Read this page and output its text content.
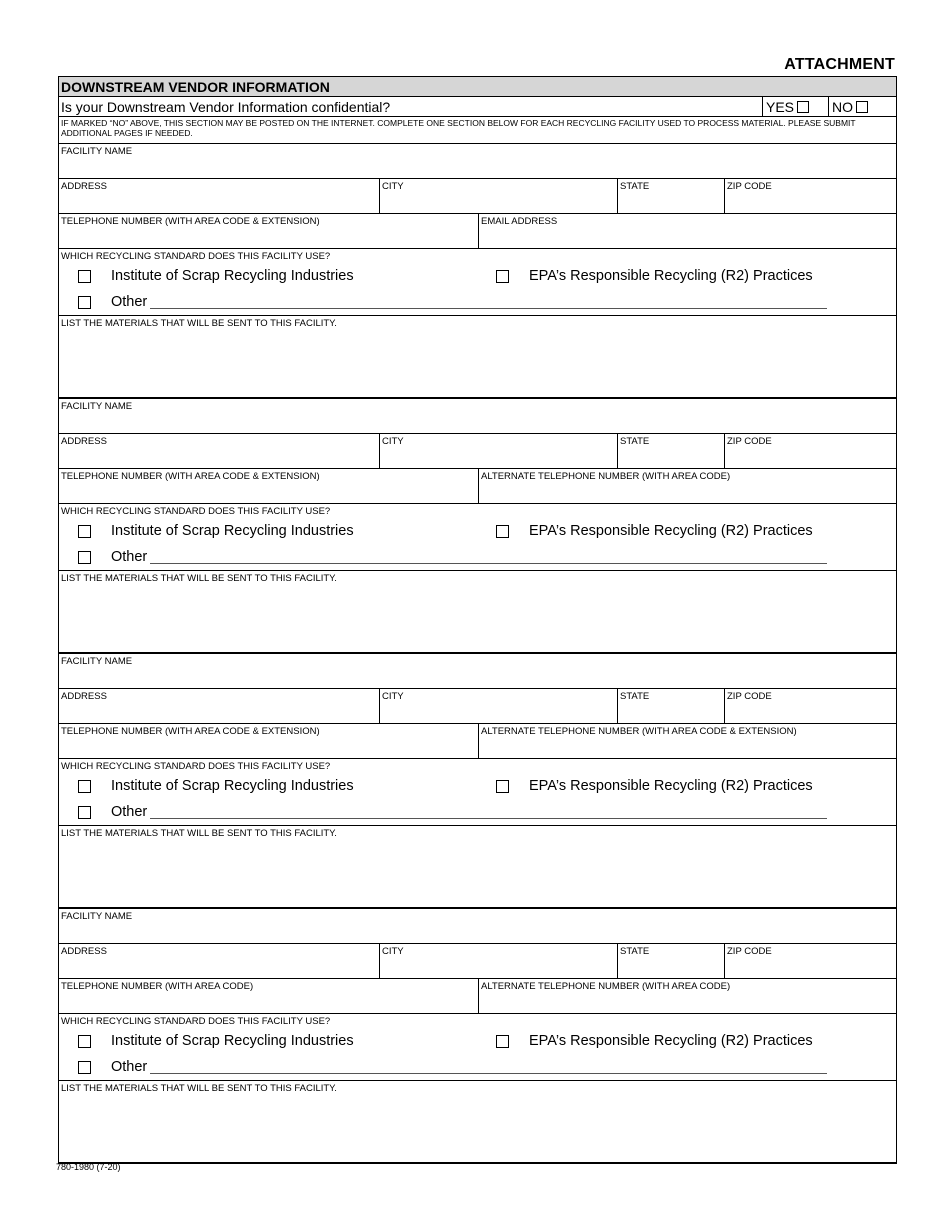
ATTACHMENT
DOWNSTREAM VENDOR INFORMATION
Is your Downstream Vendor Information confidential?	YES	NO
IF MARKED “NO” ABOVE, THIS SECTION MAY BE POSTED ON THE INTERNET. COMPLETE ONE SECTION BELOW FOR EACH RECYCLING FACILITY USED TO PROCESS MATERIAL. PLEASE SUBMIT ADDITIONAL PAGES IF NEEDED.
FACILITY NAME
ADDRESS	CITY	STATE	ZIP CODE
TELEPHONE NUMBER (WITH AREA CODE & EXTENSION)	EMAIL ADDRESS
WHICH RECYCLING STANDARD DOES THIS FACILITY USE?
Institute of Scrap Recycling Industries	EPA’s Responsible Recycling (R2) Practices
Other
LIST THE MATERIALS THAT WILL BE SENT TO THIS FACILITY.
FACILITY NAME
ADDRESS	CITY	STATE	ZIP CODE
TELEPHONE NUMBER (WITH AREA CODE & EXTENSION)	ALTERNATE TELEPHONE NUMBER (WITH AREA CODE)
WHICH RECYCLING STANDARD DOES THIS FACILITY USE?
Institute of Scrap Recycling Industries	EPA’s Responsible Recycling (R2) Practices
Other
LIST THE MATERIALS THAT WILL BE SENT TO THIS FACILITY.
FACILITY NAME
ADDRESS	CITY	STATE	ZIP CODE
TELEPHONE NUMBER (WITH AREA CODE & EXTENSION)	ALTERNATE TELEPHONE NUMBER (WITH AREA CODE & EXTENSION)
WHICH RECYCLING STANDARD DOES THIS FACILITY USE?
Institute of Scrap Recycling Industries	EPA’s Responsible Recycling (R2) Practices
Other
LIST THE MATERIALS THAT WILL BE SENT TO THIS FACILITY.
FACILITY NAME
ADDRESS	CITY	STATE	ZIP CODE
TELEPHONE NUMBER (WITH AREA CODE)	ALTERNATE TELEPHONE NUMBER (WITH AREA CODE)
WHICH RECYCLING STANDARD DOES THIS FACILITY USE?
Institute of Scrap Recycling Industries	EPA’s Responsible Recycling (R2) Practices
Other
LIST THE MATERIALS THAT WILL BE SENT TO THIS FACILITY.
780-1980 (7-20)
